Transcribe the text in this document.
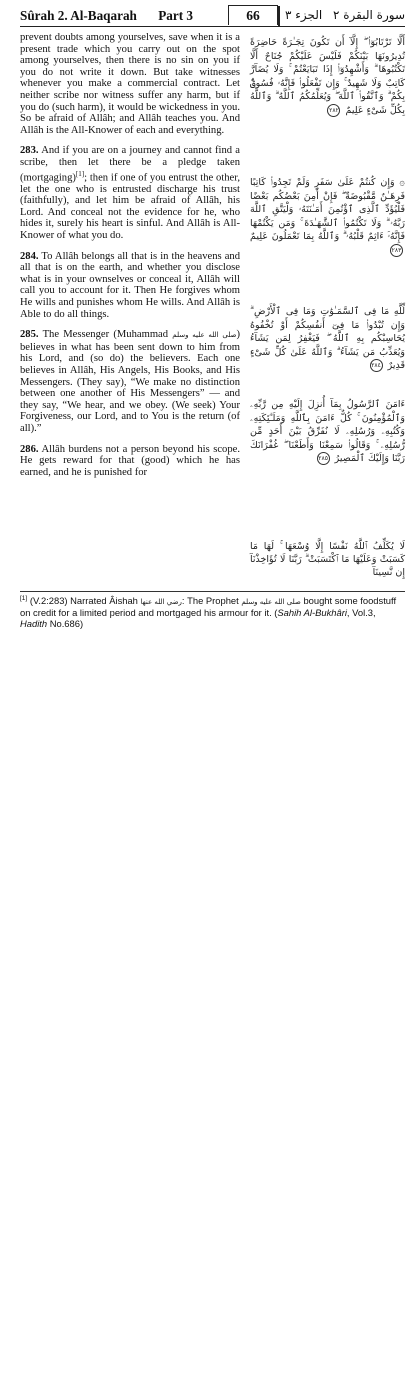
Sûrah 2. Al-Baqarah Part 3	66	الجزء ٣ سورة البقرة ٢

prevent doubts among yourselves, save when it is a present trade which you carry out on the spot among yourselves, then there is no sin on you if you do not write it down. But take witnesses whenever you make a commercial contract. Let neither scribe nor witness suffer any harm, but if you do (such harm), it would be wickedness in you. So be afraid of Allâh; and Allâh teaches you. And Allâh is the All-Knower of each and everything.

283. And if you are on a journey and cannot find a scribe, then let there be a pledge taken (mortgaging)[1]; then if one of you entrust the other, let the one who is entrusted discharge his trust (faithfully), and let him be afraid of Allâh, his Lord. And conceal not the evidence for he, who hides it, surely his heart is sinful. And Allâh is All-Knower of what you do.

284. To Allâh belongs all that is in the heavens and all that is on the earth, and whether you disclose what is in your ownselves or conceal it, Allâh will call you to account for it. Then He forgives whom He wills and punishes whom He wills. And Allâh is Able to do all things.

285. The Messenger (Muhammad صلى الله عليه وسلم) believes in what has been sent down to him from his Lord, and (so do) the believers. Each one believes in Allâh, His Angels, His Books, and His Messengers. (They say), “We make no distinction between one another of His Messengers” — and they say, “We hear, and we obey. (We seek) Your Forgiveness, our Lord, and to You is the return (of all).”

286. Allâh burdens not a person beyond his scope. He gets reward for that (good) which he has earned, and he is punished for

أَلَّا تَرْتَابُوٓا۟ ۖ إِلَّآ أَن تَكُونَ تِجَـٰرَةً حَاضِرَةً تُدِيرُونَهَا بَيْنَكُمْ فَلَيْسَ عَلَيْكُمْ جُنَاحٌ أَلَّا تَكْتُبُوهَا ۗ وَأَشْهِدُوٓا۟ إِذَا تَبَايَعْتُمْ ۚ وَلَا يُضَآرَّ كَاتِبٌ وَلَا شَهِيدٌ ۚ وَإِن تَفْعَلُوا۟ فَإِنَّهُۥ فُسُوقٌۢ بِكُمْ ۗ وَٱتَّقُوا۟ ٱللَّهَ ۖ وَيُعَلِّمُكُمُ ٱللَّهُ ۗ وَٱللَّهُ بِكُلِّ شَىْءٍ عَلِيمٌ ٢٨٢
۞ وَإِن كُنتُمْ عَلَىٰ سَفَرٍ وَلَمْ تَجِدُوا۟ كَاتِبًا فَرِهَـٰنٌ مَّقْبُوضَةٌ ۖ فَإِنْ أَمِنَ بَعْضُكُم بَعْضًا فَلْيُؤَدِّ ٱلَّذِى ٱؤْتُمِنَ أَمَـٰنَتَهُۥ وَلْيَتَّقِ ٱللَّهَ رَبَّهُۥ ۗ وَلَا تَكْتُمُوا۟ ٱلشَّهَـٰدَةَ ۚ وَمَن يَكْتُمْهَا فَإِنَّهُۥٓ ءَاثِمٌ قَلْبُهُۥ ۗ وَٱللَّهُ بِمَا تَعْمَلُونَ عَلِيمٌ ٢٨٣
لِّلَّهِ مَا فِى ٱلسَّمَـٰوَٰتِ وَمَا فِى ٱلْأَرْضِ ۗ وَإِن تُبْدُوا۟ مَا فِىٓ أَنفُسِكُمْ أَوْ تُخْفُوهُ يُحَاسِبْكُم بِهِ ٱللَّهُ ۖ فَيَغْفِرُ لِمَن يَشَآءُ وَيُعَذِّبُ مَن يَشَآءُ ۗ وَٱللَّهُ عَلَىٰ كُلِّ شَىْءٍ قَدِيرٌ ٢٨٤
ءَامَنَ ٱلرَّسُولُ بِمَآ أُنزِلَ إِلَيْهِ مِن رَّبِّهِۦ وَٱلْمُؤْمِنُونَ ۚ كُلٌّ ءَامَنَ بِٱللَّهِ وَمَلَـٰٓئِكَتِهِۦ وَكُتُبِهِۦ وَرُسُلِهِۦ لَا نُفَرِّقُ بَيْنَ أَحَدٍ مِّن رُّسُلِهِۦ ۚ وَقَالُوا۟ سَمِعْنَا وَأَطَعْنَا ۖ غُفْرَانَكَ رَبَّنَا وَإِلَيْكَ ٱلْمَصِيرُ ٢٨٥
لَا يُكَلِّفُ ٱللَّهُ نَفْسًا إِلَّا وُسْعَهَا ۚ لَهَا مَا كَسَبَتْ وَعَلَيْهَا مَا ٱكْتَسَبَتْ ۗ رَبَّنَا لَا تُؤَاخِذْنَآ إِن نَّسِينَآ
[1] (V.2:283) Narrated Âishah رضي الله عنها: The Prophet صلى الله عليه وسلم bought some foodstuff on credit for a limited period and mortgaged his armour for it. (Sahih Al-Bukhâri, Vol.3, Hadith No.686)
